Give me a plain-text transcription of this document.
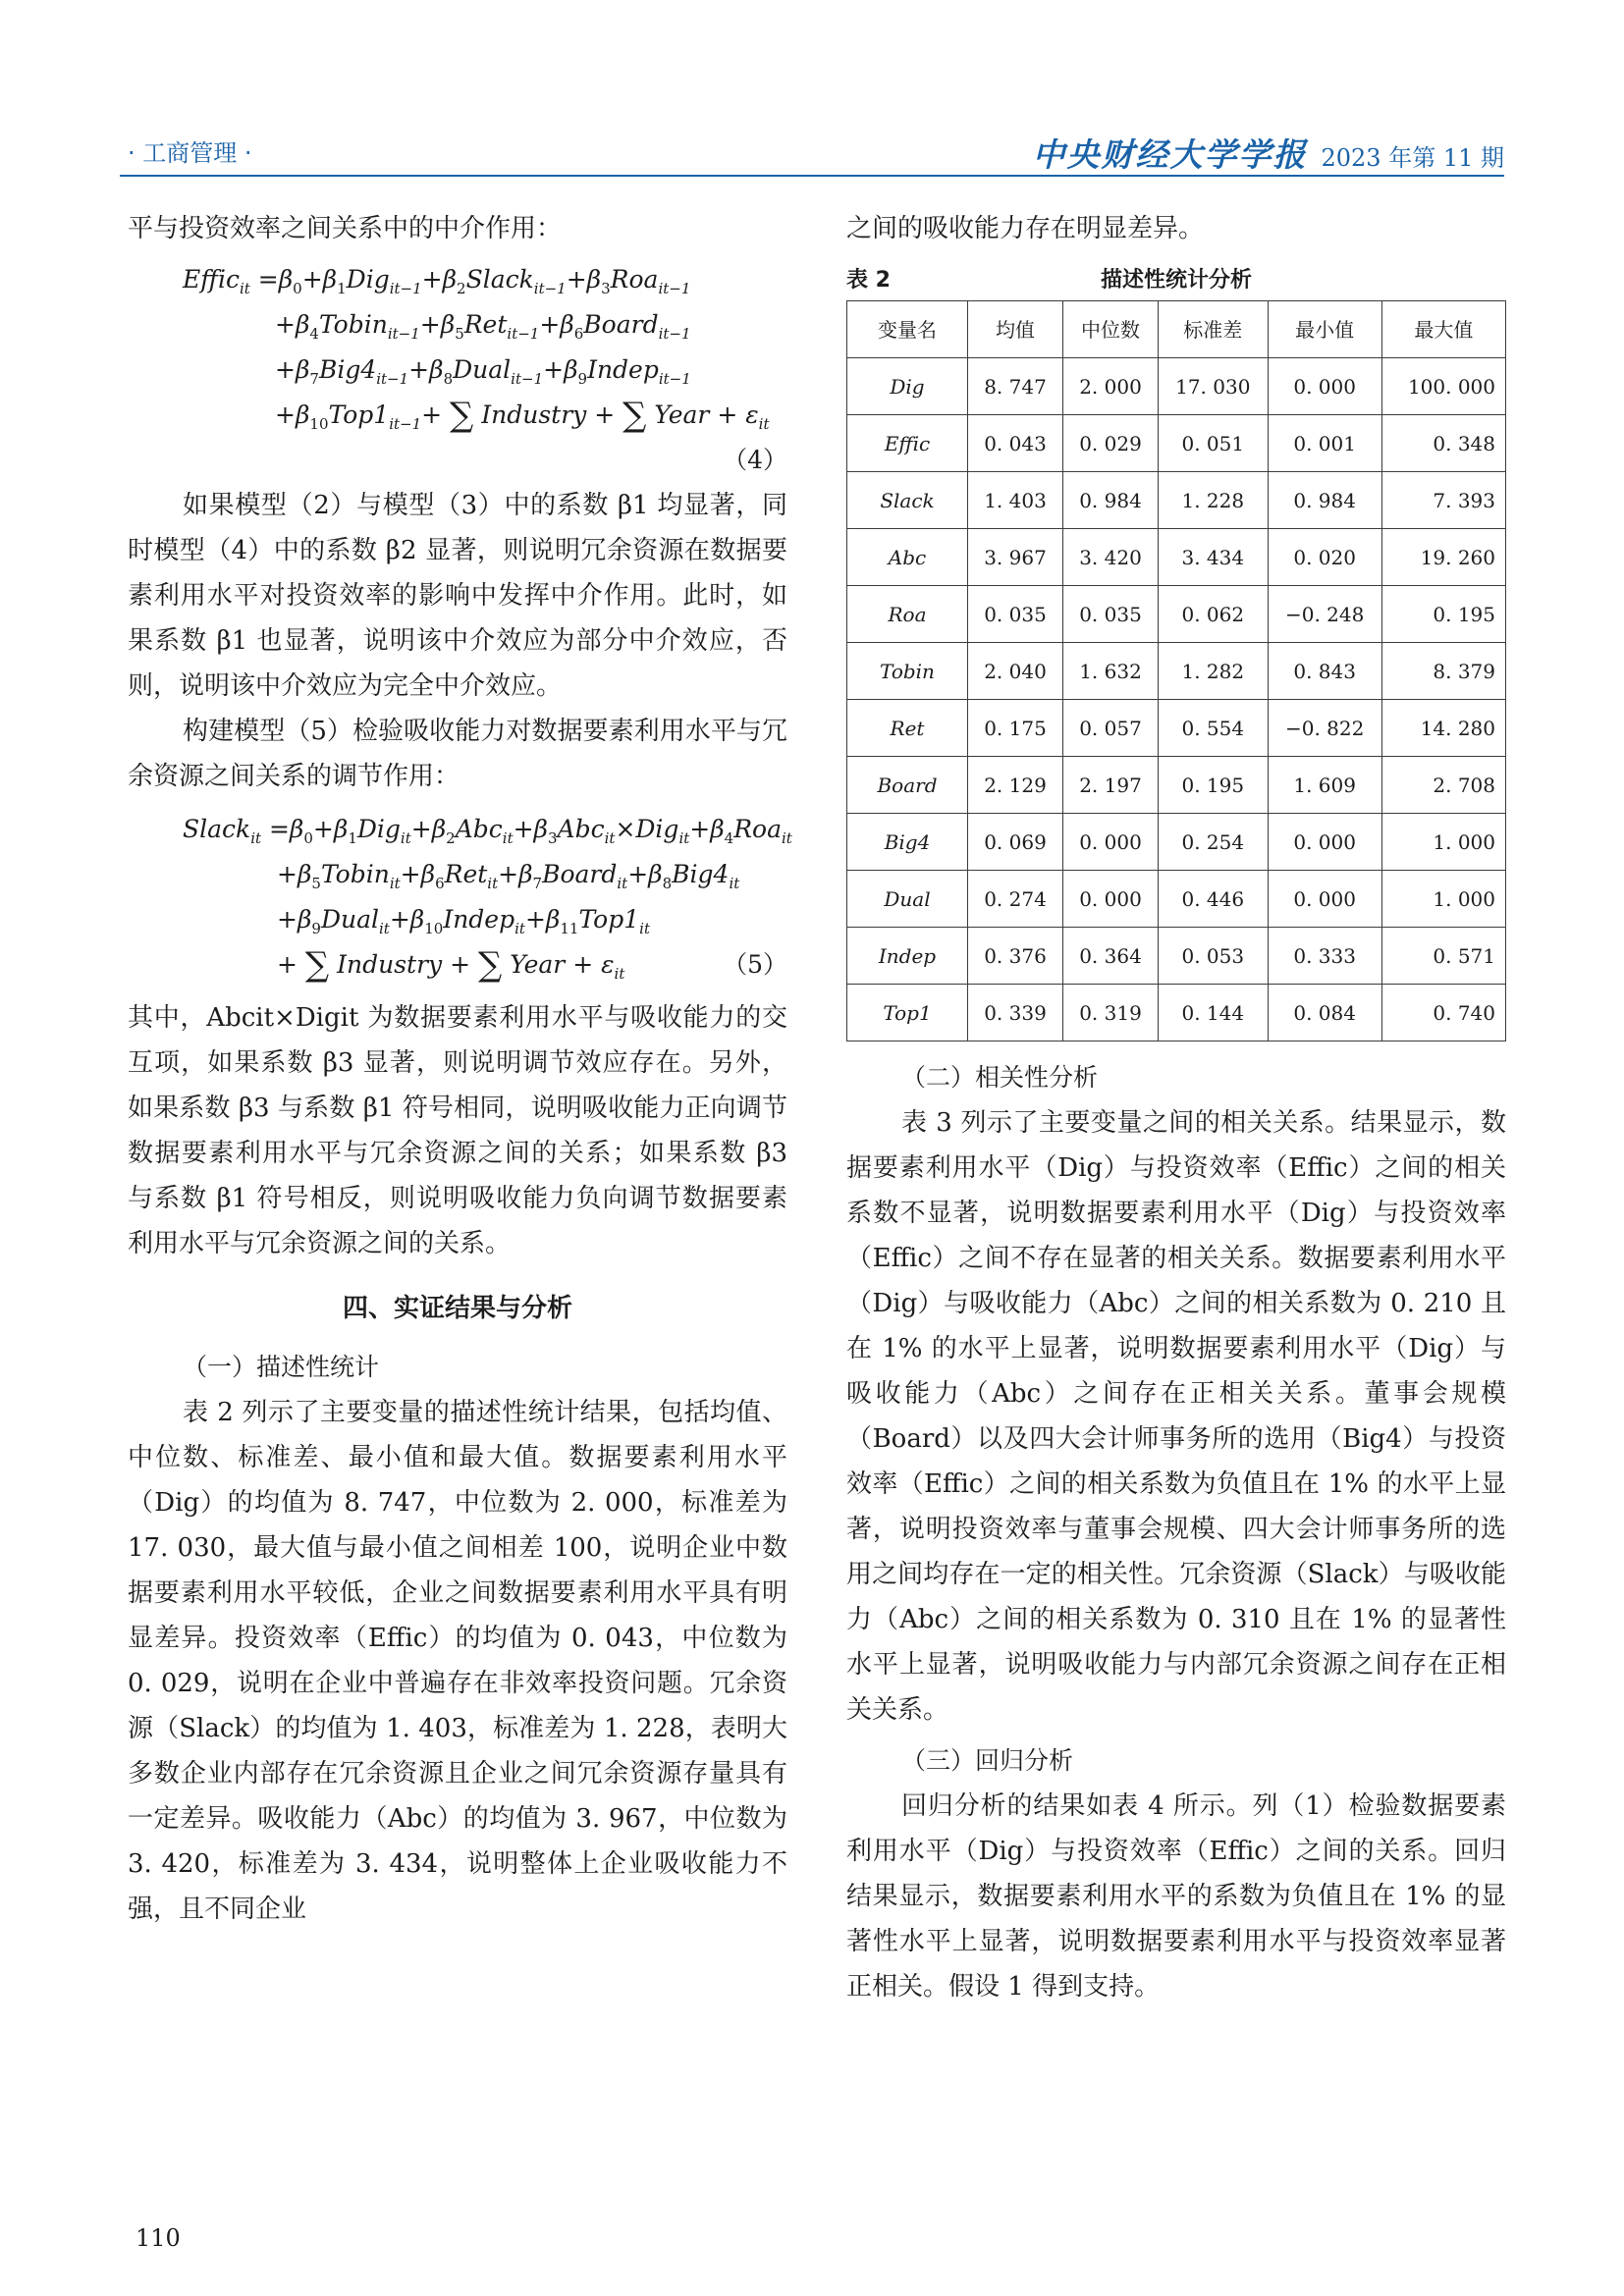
· 工商管理 ·	中央财经大学学报 2023 年第 11 期

平与投资效率之间关系中的中介作用：

Effic$_{it}$ $=\beta_0+\beta_1Dig_{it-1}+\beta_2Slack_{it-1}+\beta_3Roa_{it-1}$
$+\beta_4Tobin_{it-1}+\beta_5Ret_{it-1}+\beta_6Board_{it-1}$
$+\beta_7Big4_{it-1}+\beta_8Dual_{it-1}+\beta_9Indep_{it-1}$
$+\beta_{10}Top1_{it-1}+$ ∑ Industry + ∑ Year + $\varepsilon_{it}$
（4）

如果模型（2）与模型（3）中的系数 β1 均显著，同时模型（4）中的系数 β2 显著，则说明冗余资源在数据要素利用水平对投资效率的影响中发挥中介作用。此时，如果系数 β1 也显著，说明该中介效应为部分中介效应，否则，说明该中介效应为完全中介效应。

构建模型（5）检验吸收能力对数据要素利用水平与冗余资源之间关系的调节作用：

Slack$_{it}$ $=\beta_0+\beta_1Dig_{it}+\beta_2Abc_{it}+\beta_3Abc_{it}\times Dig_{it}+\beta_4Roa_{it}$
$+\beta_5Tobin_{it}+\beta_6Ret_{it}+\beta_7Board_{it}+\beta_8Big4_{it}$
$+\beta_9Dual_{it}+\beta_{10}Indep_{it}+\beta_{11}Top1_{it}$
+ ∑ Industry + ∑ Year + $\varepsilon_{it}$	（5）

其中，Abcit×Digit 为数据要素利用水平与吸收能力的交互项，如果系数 β3 显著，则说明调节效应存在。另外，如果系数 β3 与系数 β1 符号相同，说明吸收能力正向调节数据要素利用水平与冗余资源之间的关系；如果系数 β3 与系数 β1 符号相反，则说明吸收能力负向调节数据要素利用水平与冗余资源之间的关系。

四、实证结果与分析
（一）描述性统计

表 2 列示了主要变量的描述性统计结果，包括均值、中位数、标准差、最小值和最大值。数据要素利用水平（Dig）的均值为 8. 747，中位数为 2. 000，标准差为 17. 030，最大值与最小值之间相差 100，说明企业中数据要素利用水平较低，企业之间数据要素利用水平具有明显差异。投资效率（Effic）的均值为 0. 043，中位数为 0. 029，说明在企业中普遍存在非效率投资问题。冗余资源（Slack）的均值为 1. 403，标准差为 1. 228，表明大多数企业内部存在冗余资源且企业之间冗余资源存量具有一定差异。吸收能力（Abc）的均值为 3. 967，中位数为 3. 420，标准差为 3. 434，说明整体上企业吸收能力不强，且不同企业

之间的吸收能力存在明显差异。

表 2	描述性统计分析
变量名	均值	中位数	标准差	最小值	最大值
Dig	8. 747	2. 000	17. 030	0. 000	100. 000
Effic	0. 043	0. 029	0. 051	0. 001	0. 348
Slack	1. 403	0. 984	1. 228	0. 984	7. 393
Abc	3. 967	3. 420	3. 434	0. 020	19. 260
Roa	0. 035	0. 035	0. 062	−0. 248	0. 195
Tobin	2. 040	1. 632	1. 282	0. 843	8. 379
Ret	0. 175	0. 057	0. 554	−0. 822	14. 280
Board	2. 129	2. 197	0. 195	1. 609	2. 708
Big4	0. 069	0. 000	0. 254	0. 000	1. 000
Dual	0. 274	0. 000	0. 446	0. 000	1. 000
Indep	0. 376	0. 364	0. 053	0. 333	0. 571
Top1	0. 339	0. 319	0. 144	0. 084	0. 740
（二）相关性分析

表 3 列示了主要变量之间的相关关系。结果显示，数据要素利用水平（Dig）与投资效率（Effic）之间的相关系数不显著，说明数据要素利用水平（Dig）与投资效率（Effic）之间不存在显著的相关关系。数据要素利用水平（Dig）与吸收能力（Abc）之间的相关系数为 0. 210 且在 1% 的水平上显著，说明数据要素利用水平（Dig）与吸收能力（Abc）之间存在正相关关系。董事会规模（Board）以及四大会计师事务所的选用（Big4）与投资效率（Effic）之间的相关系数为负值且在 1% 的水平上显著，说明投资效率与董事会规模、四大会计师事务所的选用之间均存在一定的相关性。冗余资源（Slack）与吸收能力（Abc）之间的相关系数为 0. 310 且在 1% 的显著性水平上显著，说明吸收能力与内部冗余资源之间存在正相关关系。

（三）回归分析

回归分析的结果如表 4 所示。列（1）检验数据要素利用水平（Dig）与投资效率（Effic）之间的关系。回归结果显示，数据要素利用水平的系数为负值且在 1% 的显著性水平上显著，说明数据要素利用水平与投资效率显著正相关。假设 1 得到支持。

110
